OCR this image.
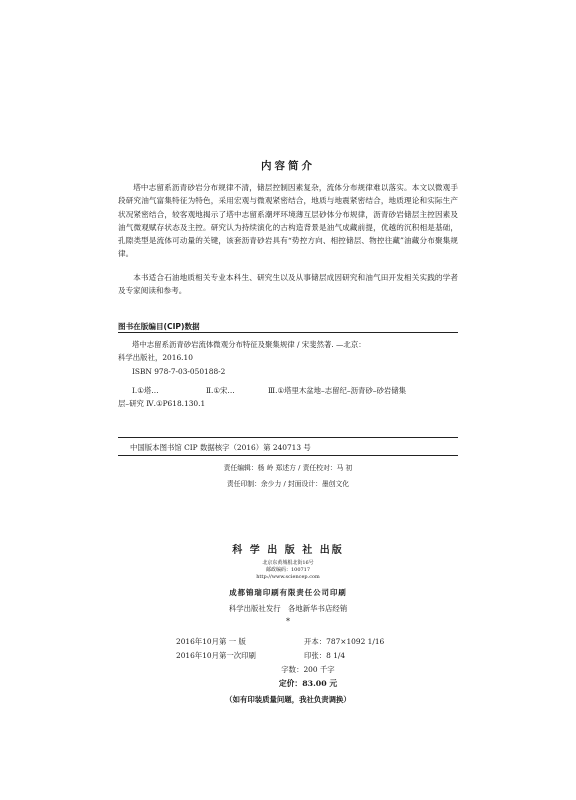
内容简介

塔中志留系沥青砂岩分布规律不清，储层控制因素复杂，流体分布规律难以落实。本文以微观手段研究油气富集特征为特色，采用宏观与微观紧密结合，地质与地震紧密结合，地质理论和实际生产状况紧密结合，较客观地揭示了塔中志留系潮坪环境薄互层砂体分布规律，沥青砂岩储层主控因素及油气微观赋存状态及主控。研究认为持续演化的古构造背景是油气成藏前提，优越的沉积相是基础，孔隙类型是流体可动量的关键，该套沥青砂岩具有“势控方向、相控储层、物控往藏”油藏分布聚集规律。

本书适合石油地质相关专业本科生、研究生以及从事储层成因研究和油气田开发相关实践的学者及专家阅读和参考。

图书在版编目(CIP)数据
塔中志留系沥青砂岩流体微观分布特征及聚集规律 / 宋斐然著. —北京：
科学出版社，2016.10
ISBN 978-7-03-050188-2
Ⅰ.①塔…	Ⅱ.①宋…	Ⅲ.①塔里木盆地–志留纪–沥青砂–砂岩储集
层–研究 Ⅳ.①P618.130.1
中国版本图书馆 CIP 数据核字（2016）第 240713 号
责任编辑：杨 岭 郑述方 / 责任校对：马 初
责任印制：余少力 / 封面设计：墨创文化
科 学 出 版 社 出版
北京东黄城根北街16号
邮政编码：100717
http://www.sciencep.com
成都锦瑞印刷有限责任公司印刷
科学出版社发行　各地新华书店经销
*
2016年10月第 一 版	开本：787×1092 1/16
2016年10月第一次印刷	印张：8 1/4
字数：200 千字
定价：83.00 元
（如有印装质量问题，我社负责调换）
